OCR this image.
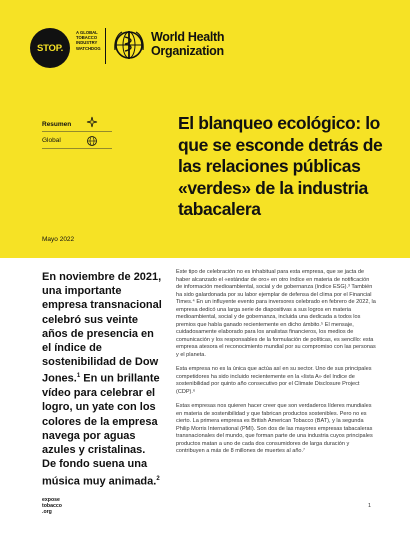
STOP.
A GLOBAL TOBACCO INDUSTRY WATCHDOG
World Health
Organization
Resumen
Global
El blanqueo ecológico: lo que se esconde detrás de las relaciones públicas «verdes» de la industria tabacalera
Mayo 2022
En noviembre de 2021, una importante empresa transnacional celebró sus veinte años de presencia en el índice de sostenibilidad de Dow Jones.$^1$ En un brillante vídeo para celebrar el logro, un yate con los colores de la empresa navega por aguas azules y cristalinas. De fondo suena una música muy animada.$^2$

Este tipo de celebración no es inhabitual para esta empresa, que se jacta de haber alcanzado el «estándar de oro» en otro índice en materia de notificación de información medioambiental, social y de gobernanza (índice ESG).³ También ha sido galardonada por su labor ejemplar de defensa del clima por el Financial Times.⁴ En un influyente evento para inversores celebrado en febrero de 2022, la empresa dedicó una larga serie de diapositivas a sus logros en materia medioambiental, social y de gobernanza, incluida una dedicada a todos los premios que había ganado recientemente en dicho ámbito.⁵ El mensaje, cuidadosamente elaborado para los analistas financieros, los medios de comunicación y los responsables de la formulación de políticas, es sencillo: esta empresa atesora el reconocimiento mundial por su compromiso con las personas y el planeta.

Esta empresa no es la única que actúa así en su sector. Uno de sus principales competidores ha sido incluido recientemente en la «lista A» del índice de sostenibilidad por quinto año consecutivo por el Climate Disclosure Project (CDP).⁶

Estas empresas nos quieren hacer creer que son verdaderos líderes mundiales en materia de sostenibilidad y que fabrican productos sostenibles. Pero no es cierto. La primera empresa es British American Tobacco (BAT), y la segunda Philip Morris International (PMI). Son dos de las mayores empresas tabacaleras transnacionales del mundo, que forman parte de una industria cuyos principales productos matan a uno de cada dos consumidores de larga duración y contribuyen a más de 8 millones de muertes al año.⁷

expose
tobacco
.org
1
